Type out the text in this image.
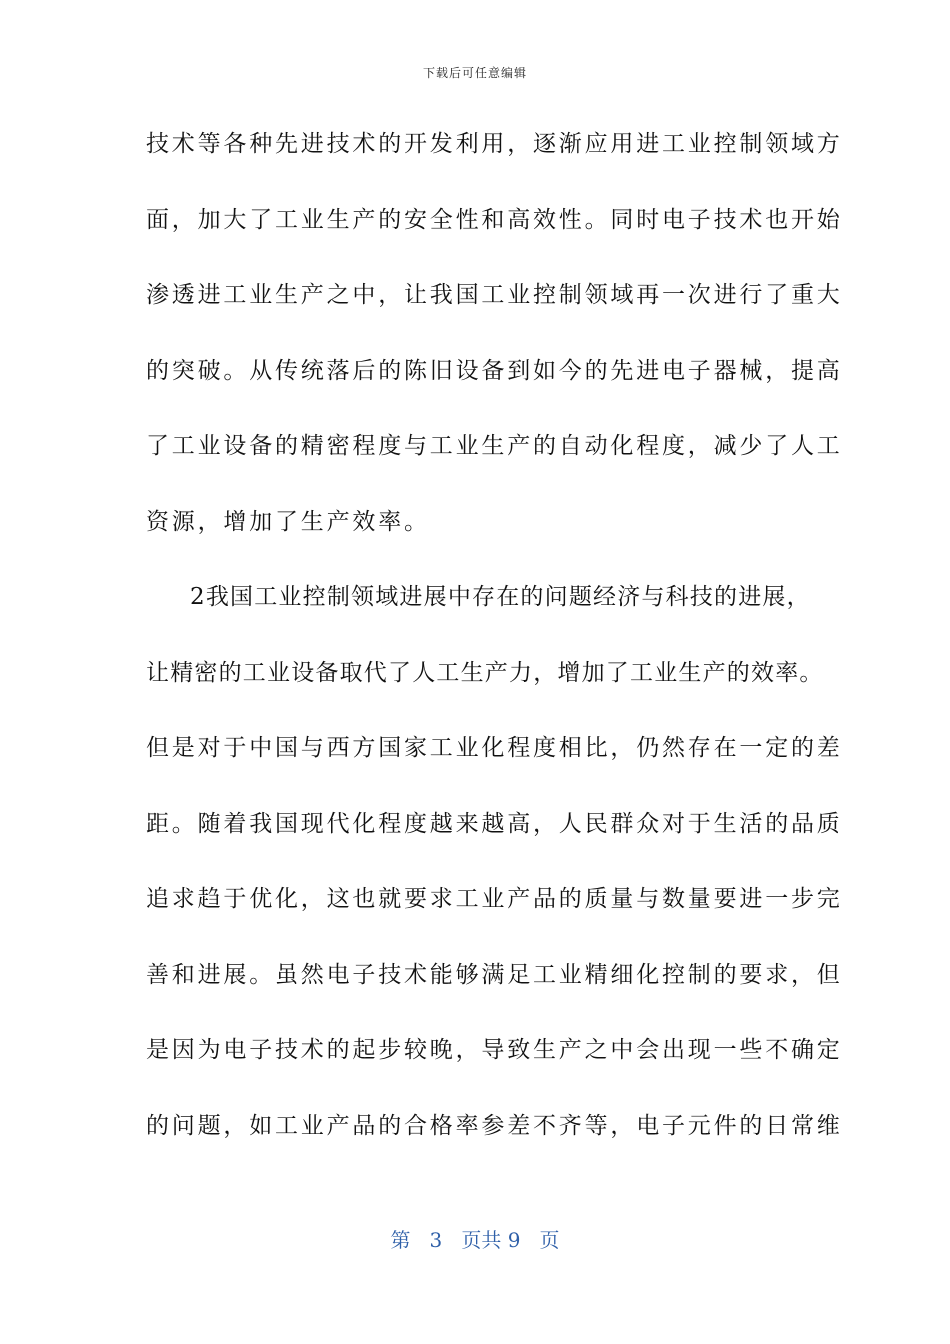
下载后可任意编辑
技术等各种先进技术的开发利用，逐渐应用进工业控制领域方
面，加大了工业生产的安全性和高效性。同时电子技术也开始
渗透进工业生产之中，让我国工业控制领域再一次进行了重大
的突破。从传统落后的陈旧设备到如今的先进电子器械，提高
了工业设备的精密程度与工业生产的自动化程度，减少了人工
资源，增加了生产效率。
2我国工业控制领域进展中存在的问题经济与科技的进展，
让精密的工业设备取代了人工生产力，增加了工业生产的效率。
但是对于中国与西方国家工业化程度相比，仍然存在一定的差
距。随着我国现代化程度越来越高，人民群众对于生活的品质
追求趋于优化，这也就要求工业产品的质量与数量要进一步完
善和进展。虽然电子技术能够满足工业精细化控制的要求，但
是因为电子技术的起步较晚，导致生产之中会出现一些不确定
的问题，如工业产品的合格率参差不齐等，电子元件的日常维
第 3 页共 9 页
